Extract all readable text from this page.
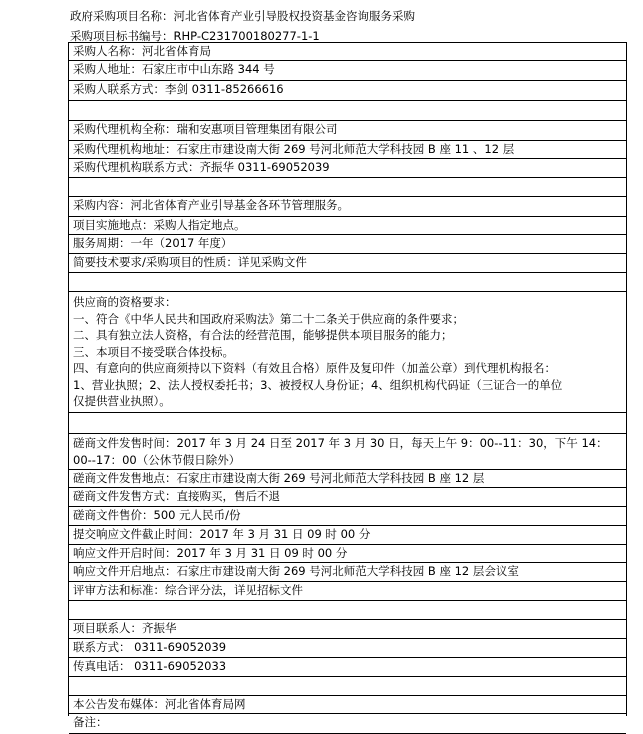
政府采购项目名称：河北省体育产业引导股权投资基金咨询服务采购
采购项目标书编号：RHP-C231700180277-1-1
采购人名称：河北省体育局
采购人地址：石家庄市中山东路 344 号
采购人联系方式：李剑 0311-85266616
采购代理机构全称：瑞和安惠项目管理集团有限公司
采购代理机构地址：石家庄市建设南大街 269 号河北师范大学科技园 B 座 11 、12 层
采购代理机构联系方式：齐振华 0311-69052039
采购内容：河北省体育产业引导基金各环节管理服务。
项目实施地点：采购人指定地点。
服务周期：一年（2017 年度）
简要技术要求/采购项目的性质：详见采购文件
供应商的资格要求：
一、符合《中华人民共和国政府采购法》第二十二条关于供应商的条件要求；
二、具有独立法人资格，有合法的经营范围，能够提供本项目服务的能力；
三、本项目不接受联合体投标。
四、有意向的供应商须持以下资料（有效且合格）原件及复印件（加盖公章）到代理机构报名：
1、营业执照；2、法人授权委托书；3、被授权人身份证；4、组织机构代码证（三证合一的单位
仅提供营业执照）。
磋商文件发售时间：2017 年 3 月 24 日至 2017 年 3 月 30 日，每天上午 9：00--11：30，下午 14：
00--17：00（公休节假日除外）
磋商文件发售地点：石家庄市建设南大街 269 号河北师范大学科技园 B 座 12 层
磋商文件发售方式：直接购买，售后不退
磋商文件售价：500 元人民币/份
提交响应文件截止时间：2017 年 3 月 31 日 09 时 00 分
响应文件开启时间：2017 年 3 月 31 日 09 时 00 分
响应文件开启地点：石家庄市建设南大街 269 号河北师范大学科技园 B 座 12 层会议室
评审方法和标准：综合评分法，详见招标文件
项目联系人：齐振华
联系方式： 0311-69052039
传真电话： 0311-69052033
本公告发布媒体：河北省体育局网
备注：
